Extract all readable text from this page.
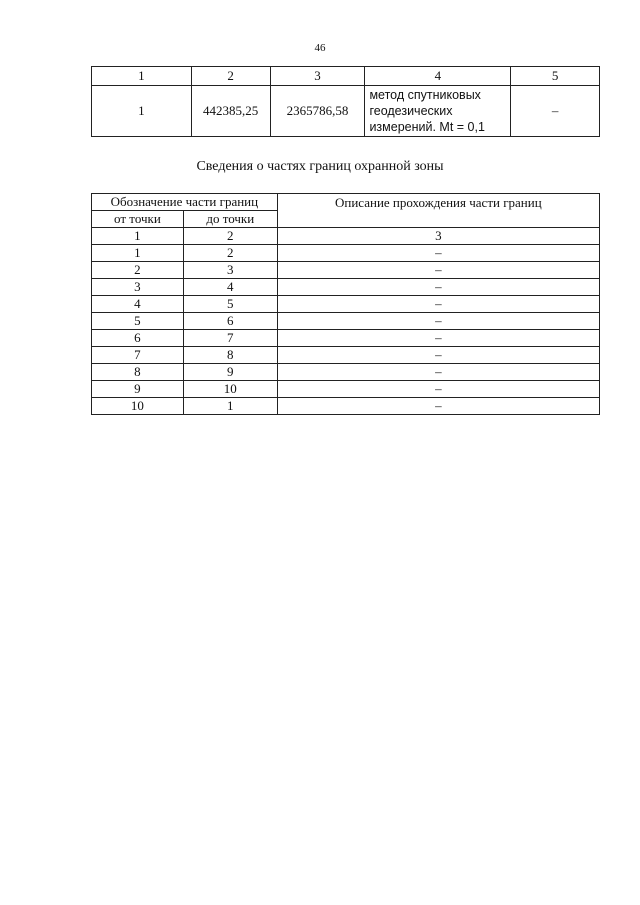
46
1	2	3	4	5
1	442385,25	2365786,58	метод спутниковых
геодезических
измерений. Mt = 0,1	–
Сведения о частях границ охранной зоны
Обозначение части границ		Описание прохождения части границ
от точки	до точки	
1	2	3
1	2	–
2	3	–
3	4	–
4	5	–
5	6	–
6	7	–
7	8	–
8	9	–
9	10	–
10	1	–
